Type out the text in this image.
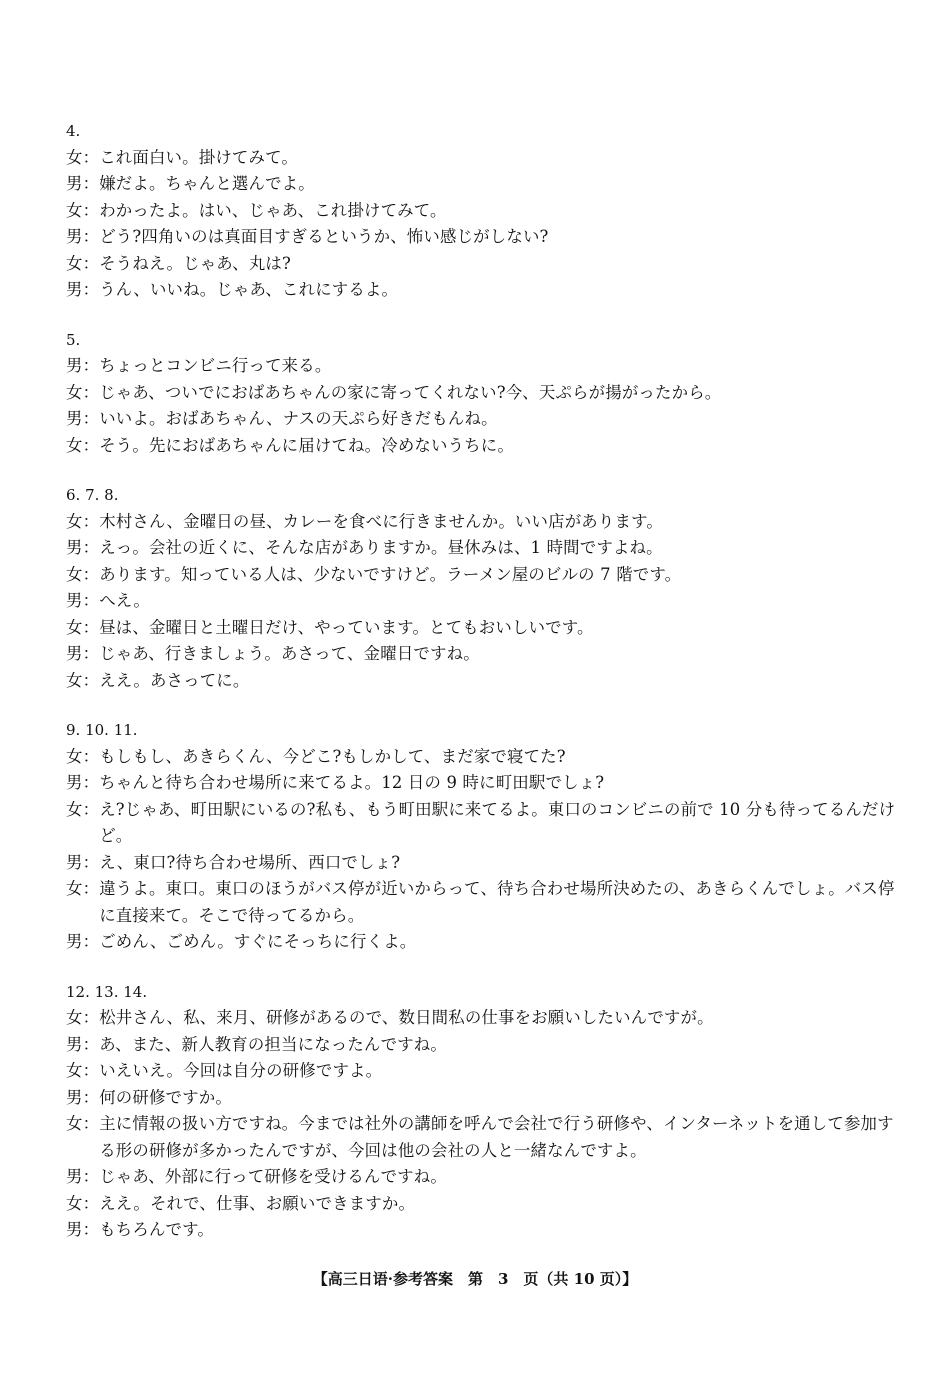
4.
女 ： これ面白い。掛けてみて。
男 ： 嫌だよ。ちゃんと選んでよ。
女 ： わかったよ。はい、じゃあ、これ掛けてみて。
男 ： どう?四角いのは真面目すぎるというか、怖い感じがしない?
女 ： そうねえ。じゃあ、丸は?
男 ： うん、いいね。じゃあ、これにするよ。
5.
男 ： ちょっとコンビニ行って来る。
女 ： じゃあ、ついでにおばあちゃんの家に寄ってくれない?今、天ぷらが揚がったから。
男 ： いいよ。おばあちゃん、ナスの天ぷら好きだもんね。
女 ： そう。先におばあちゃんに届けてね。冷めないうちに。
6. 7. 8.
女 ： 木村さん、金曜日の昼、カレーを食べに行きませんか。いい店があります。
男 ： えっ。会社の近くに、そんな店がありますか。昼休みは、1 時間ですよね。
女 ： あります。知っている人は、少ないですけど。ラーメン屋のビルの 7 階です。
男 ： へえ。
女 ： 昼は、金曜日と土曜日だけ、やっています。とてもおいしいです。
男 ： じゃあ、行きましょう。あさって、金曜日ですね。
女 ： ええ。あさってに。
9. 10. 11.
女 ： もしもし、あきらくん、今どこ?もしかして、まだ家で寝てた?
男 ： ちゃんと待ち合わせ場所に来てるよ。12 日の 9 時に町田駅でしょ?
女 ： え?じゃあ、町田駅にいるの?私も、もう町田駅に来てるよ。東口のコンビニの前で 10 分も待ってるんだけど。
男 ： え、東口?待ち合わせ場所、西口でしょ?
女 ： 違うよ。東口。東口のほうがバス停が近いからって、待ち合わせ場所決めたの、あきらくんでしょ。バス停に直接来て。そこで待ってるから。
男 ： ごめん、ごめん。すぐにそっちに行くよ。
12. 13. 14.
女 ： 松井さん、私、来月、研修があるので、数日間私の仕事をお願いしたいんですが。
男 ： あ、また、新人教育の担当になったんですね。
女 ： いえいえ。今回は自分の研修ですよ。
男 ： 何の研修ですか。
女 ： 主に情報の扱い方ですね。今までは社外の講師を呼んで会社で行う研修や、インターネットを通して参加する形の研修が多かったんですが、今回は他の会社の人と一緒なんですよ。
男 ： じゃあ、外部に行って研修を受けるんですね。
女 ： ええ。それで、仕事、お願いできますか。
男 ： もちろんです。
【高三日语·参考答案　第　3　页（共 10 页）】
